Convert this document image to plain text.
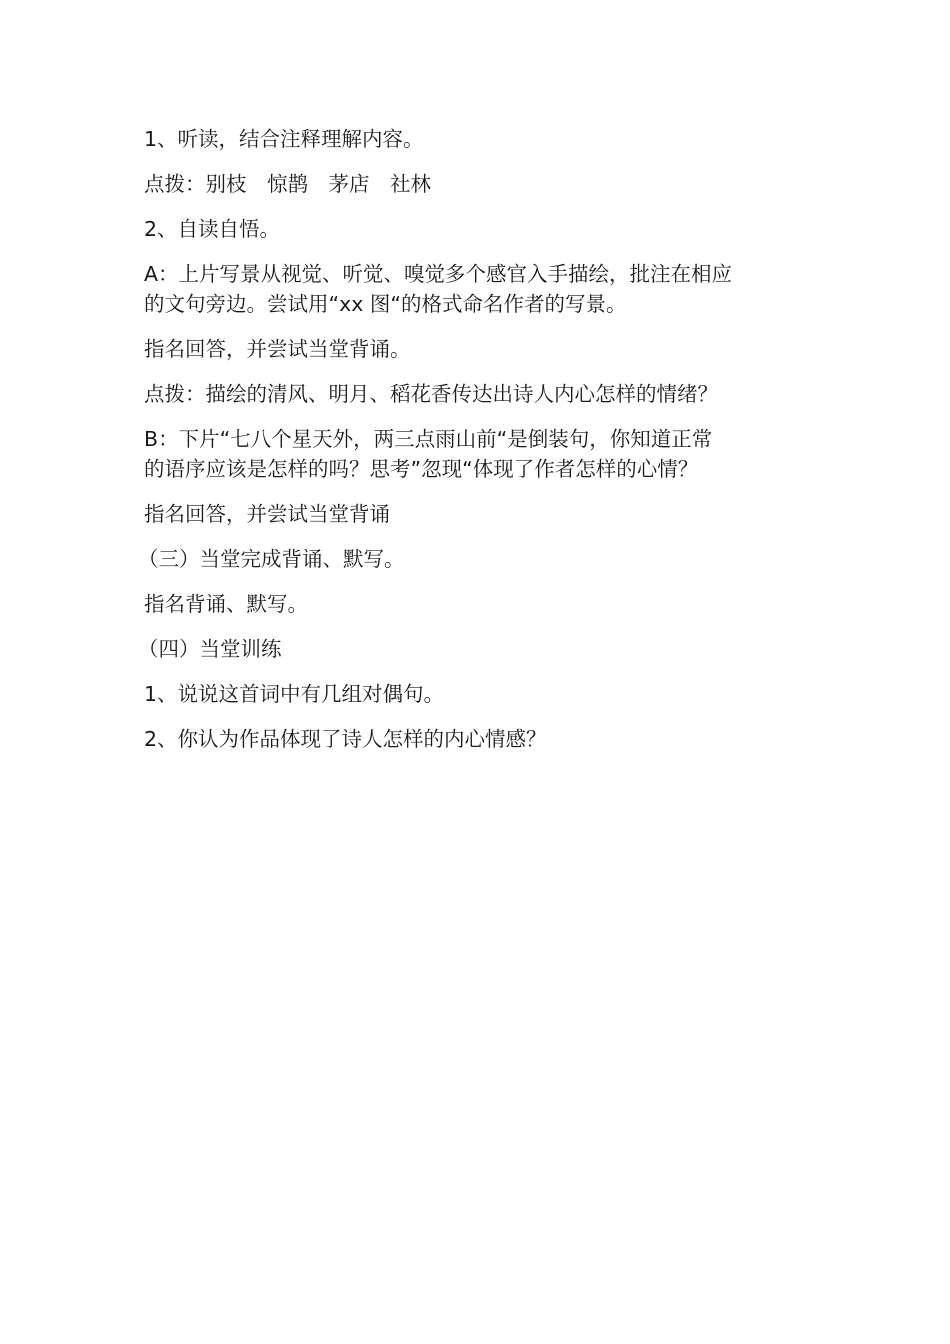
1、听读，结合注释理解内容。

点拨：别枝　惊鹊　茅店　社林

2、自读自悟。

A：上片写景从视觉、听觉、嗅觉多个感官入手描绘，批注在相应
的文句旁边。尝试用“xx 图“的格式命名作者的写景。

指名回答，并尝试当堂背诵。

点拨：描绘的清风、明月、稻花香传达出诗人内心怎样的情绪？

B：下片“七八个星天外，两三点雨山前“是倒装句，你知道正常
的语序应该是怎样的吗？思考”忽现“体现了作者怎样的心情？

指名回答，并尝试当堂背诵

（三）当堂完成背诵、默写。

指名背诵、默写。

（四）当堂训练

1、说说这首词中有几组对偶句。

2、你认为作品体现了诗人怎样的内心情感？
